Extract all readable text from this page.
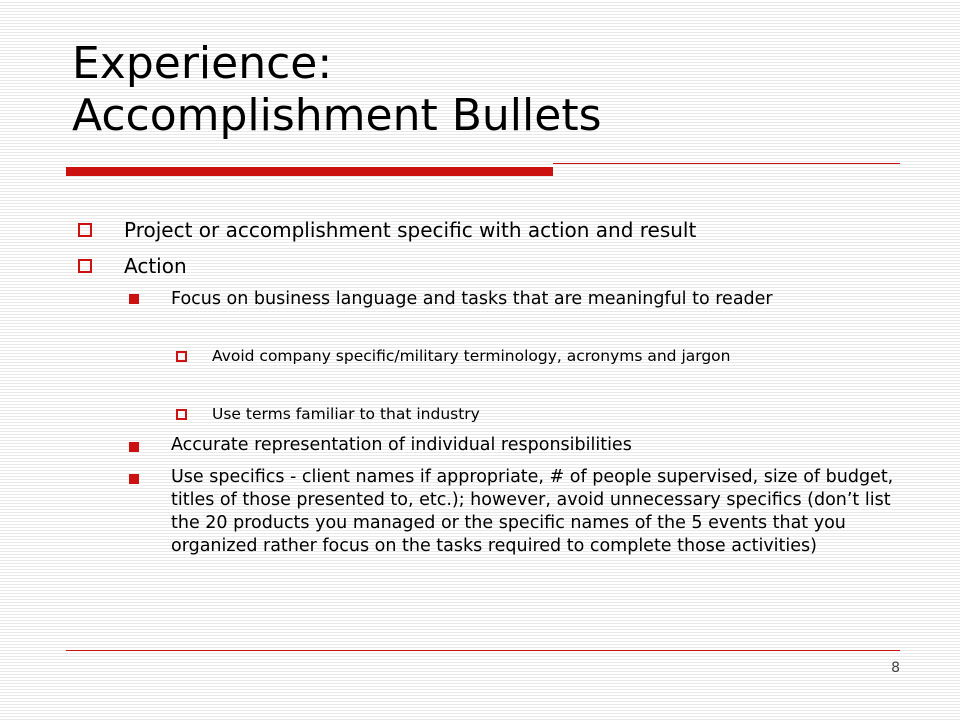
Experience:
Accomplishment Bullets
Project or accomplishment specific with action and result
Action
Focus on business language and tasks that are meaningful to reader
Avoid company specific/military terminology, acronyms and jargon
Use terms familiar to that industry
Accurate representation of individual responsibilities
Use specifics - client names if appropriate, # of people supervised, size of budget, titles of those presented to, etc.); however, avoid unnecessary specifics (don’t list the 20 products you managed or the specific names of the 5 events that you organized rather focus on the tasks required to complete those activities)
8
